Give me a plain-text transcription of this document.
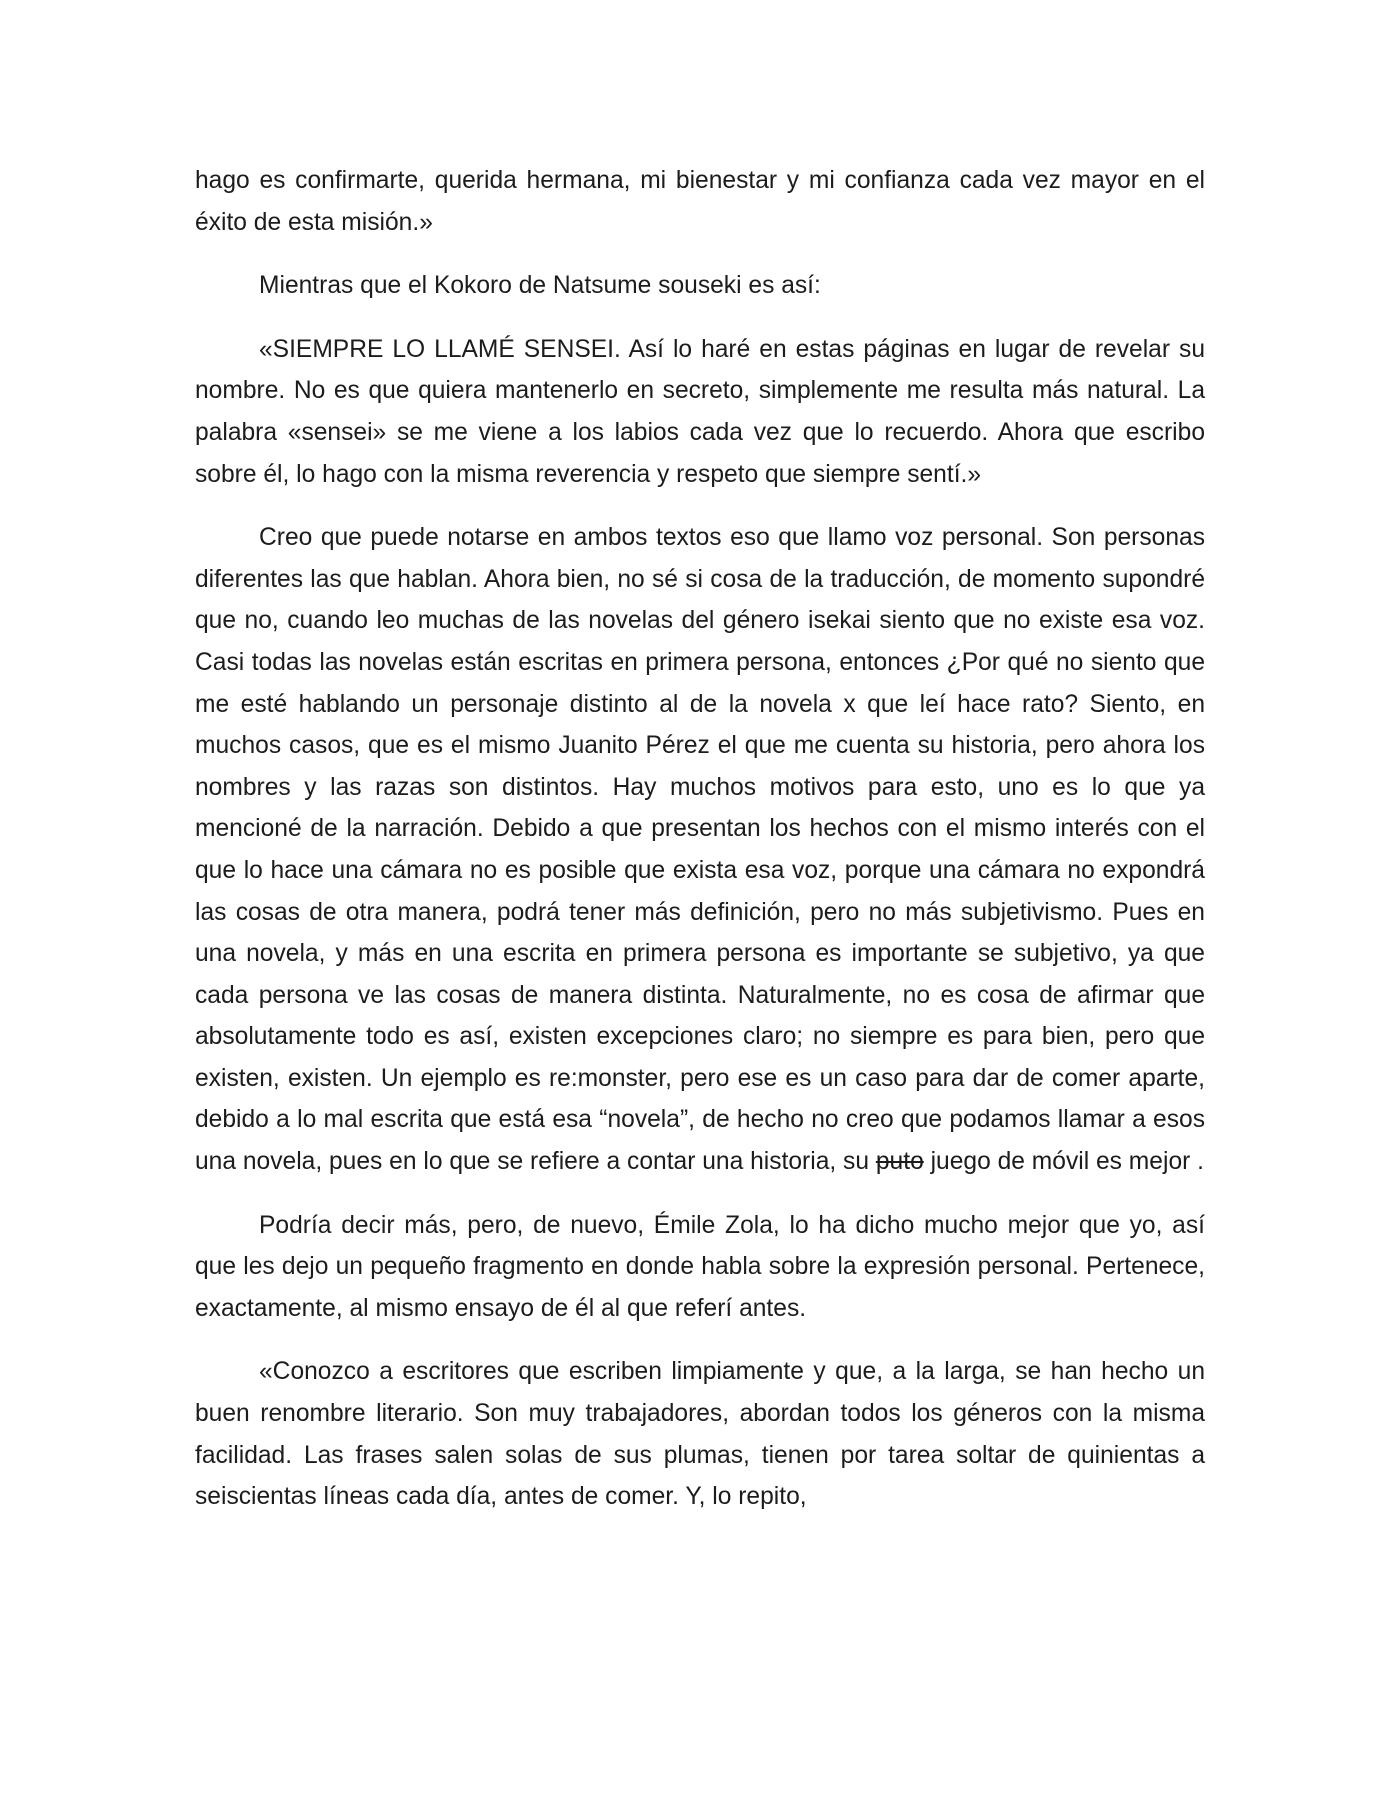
hago es confirmarte, querida hermana, mi bienestar y mi confianza cada vez mayor en el éxito de esta misión.»

Mientras que el Kokoro de Natsume souseki es así:

«SIEMPRE LO LLAMÉ SENSEI. Así lo haré en estas páginas en lugar de revelar su nombre. No es que quiera mantenerlo en secreto, simplemente me resulta más natural. La palabra «sensei» se me viene a los labios cada vez que lo recuerdo. Ahora que escribo sobre él, lo hago con la misma reverencia y respeto que siempre sentí.»

Creo que puede notarse en ambos textos eso que llamo voz personal. Son personas diferentes las que hablan. Ahora bien, no sé si cosa de la traducción, de momento supondré que no, cuando leo muchas de las novelas del género isekai siento que no existe esa voz. Casi todas las novelas están escritas en primera persona, entonces ¿Por qué no siento que me esté hablando un personaje distinto al de la novela x que leí hace rato? Siento, en muchos casos, que es el mismo Juanito Pérez el que me cuenta su historia, pero ahora los nombres y las razas son distintos. Hay muchos motivos para esto, uno es lo que ya mencioné de la narración. Debido a que presentan los hechos con el mismo interés con el que lo hace una cámara no es posible que exista esa voz, porque una cámara no expondrá las cosas de otra manera, podrá tener más definición, pero no más subjetivismo. Pues en una novela, y más en una escrita en primera persona es importante se subjetivo, ya que cada persona ve las cosas de manera distinta. Naturalmente, no es cosa de afirmar que absolutamente todo es así, existen excepciones claro; no siempre es para bien, pero que existen, existen. Un ejemplo es re:monster, pero ese es un caso para dar de comer aparte, debido a lo mal escrita que está esa “novela”, de hecho no creo que podamos llamar a esos una novela, pues en lo que se refiere a contar una historia, su puto juego de móvil es mejor .

Podría decir más, pero, de nuevo, Émile Zola, lo ha dicho mucho mejor que yo, así que les dejo un pequeño fragmento en donde habla sobre la expresión personal. Pertenece, exactamente, al mismo ensayo de él al que referí antes.

«Conozco a escritores que escriben limpiamente y que, a la larga, se han hecho un buen renombre literario. Son muy trabajadores, abordan todos los géneros con la misma facilidad. Las frases salen solas de sus plumas, tienen por tarea soltar de quinientas a seiscientas líneas cada día, antes de comer. Y, lo repito,
